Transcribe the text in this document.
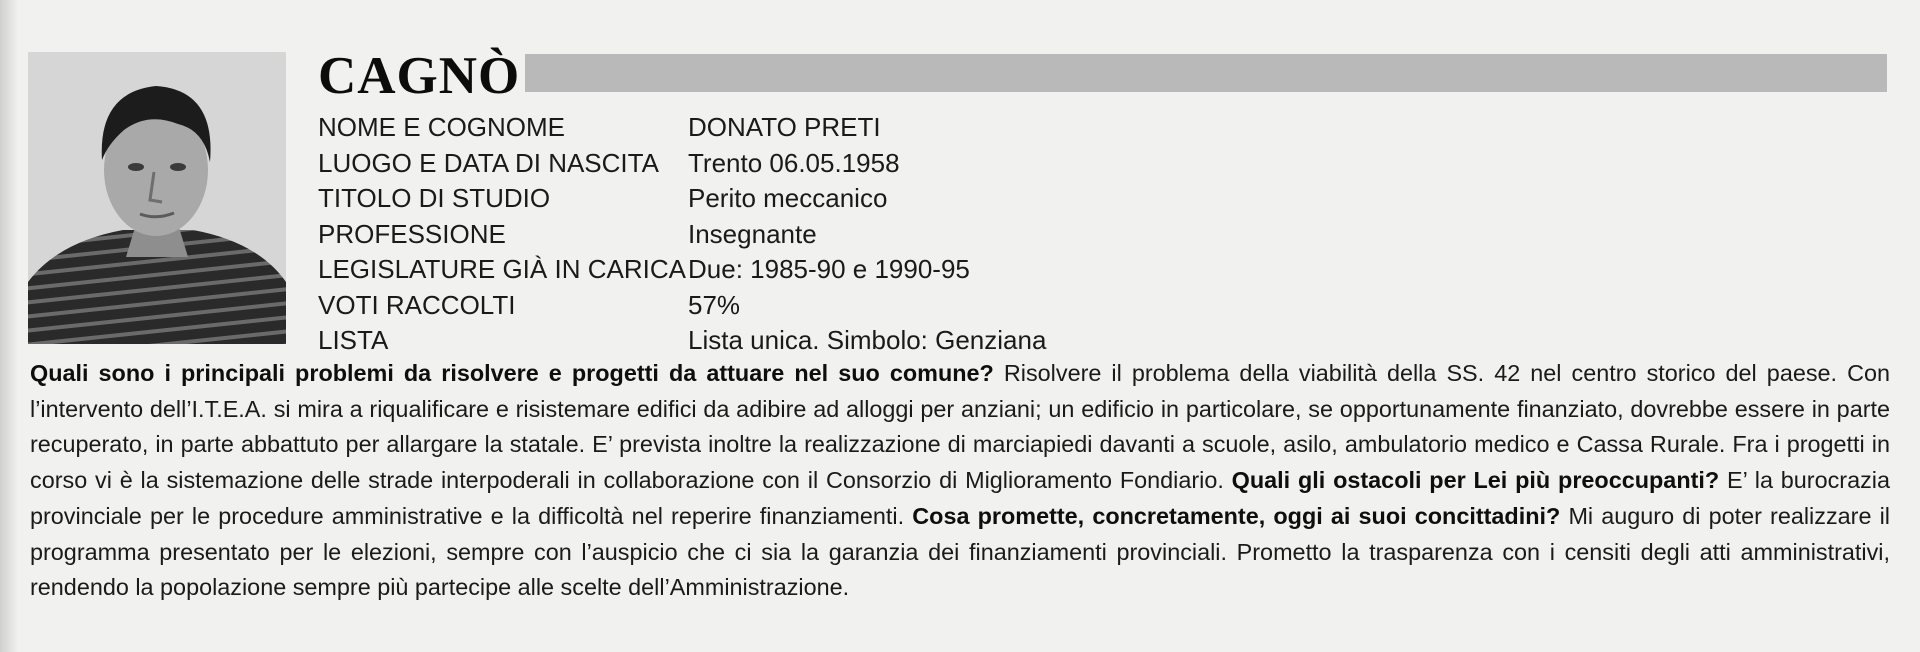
CAGNÒ
NOME E COGNOME	DONATO PRETI
LUOGO E DATA DI NASCITA	Trento 06.05.1958
TITOLO DI STUDIO	Perito meccanico
PROFESSIONE	Insegnante
LEGISLATURE GIÀ IN CARICA Due: 1985-90 e 1990-95
VOTI RACCOLTI	57%
LISTA	Lista unica. Simbolo: Genziana
Quali sono i principali problemi da risolvere e progetti da attuare nel suo comune? Risolvere il problema della viabilità della SS. 42 nel centro storico del paese. Con l’intervento dell’I.T.E.A. si mira a riqualificare e risistemare edifici da adibire ad alloggi per anziani; un edificio in particolare, se opportunamente finanziato, dovrebbe essere in parte recuperato, in parte abbattuto per allargare la statale. E’ prevista inoltre la realizzazione di marciapiedi davanti a scuole, asilo, ambulatorio medico e Cassa Rurale. Fra i progetti in corso vi è la sistemazione delle strade interpoderali in collaborazione con il Consorzio di Miglioramento Fondiario. Quali gli ostacoli per Lei più preoccupanti? E’ la burocrazia provinciale per le procedure amministrative e la difficoltà nel reperire finanziamenti. Cosa promette, concretamente, oggi ai suoi concittadini? Mi auguro di poter realizzare il programma presentato per le elezioni, sempre con l’auspicio che ci sia la garanzia dei finanziamenti provinciali. Prometto la trasparenza con i censiti degli atti amministrativi, rendendo la popolazione sempre più partecipe alle scelte dell’Amministrazione.
